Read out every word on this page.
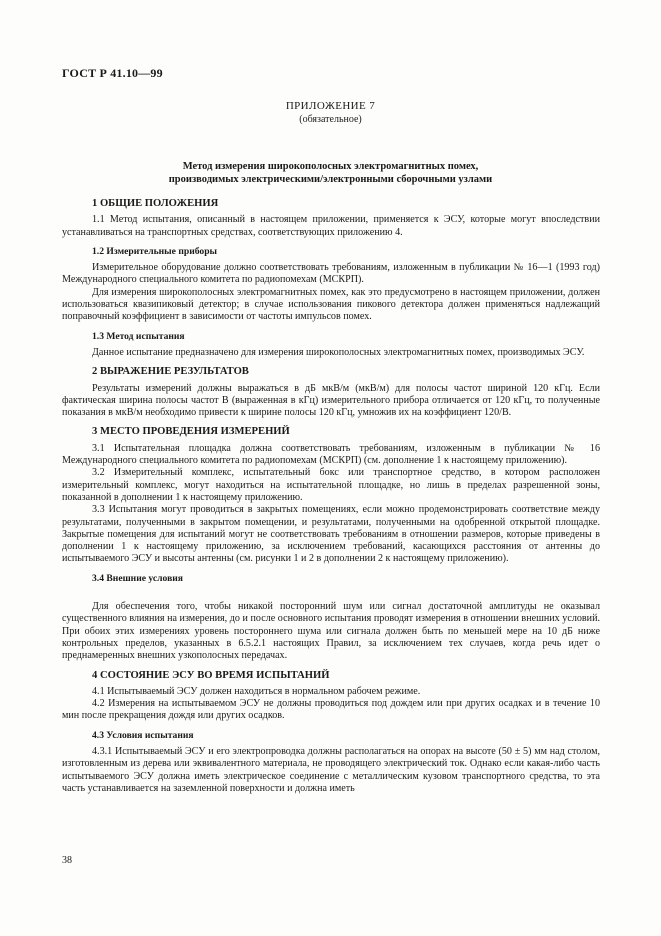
ГОСТ Р 41.10—99
ПРИЛОЖЕНИЕ 7
(обязательное)
Метод измерения широкополосных электромагнитных помех,
производимых электрическими/электронными сборочными узлами
1 ОБЩИЕ ПОЛОЖЕНИЯ

1.1 Метод испытания, описанный в настоящем приложении, применяется к ЭСУ, которые могут впоследствии устанавливаться на транспортных средствах, соответствующих приложению 4.

1.2 Измерительные приборы

Измерительное оборудование должно соответствовать требованиям, изложенным в публикации № 16—1 (1993 год) Международного специального комитета по радиопомехам (МСКРП).

Для измерения широкополосных электромагнитных помех, как это предусмотрено в настоящем приложении, должен использоваться квазипиковый детектор; в случае использования пикового детектора должен применяться надлежащий поправочный коэффициент в зависимости от частоты импульсов помех.

1.3 Метод испытания

Данное испытание предназначено для измерения широкополосных электромагнитных помех, производимых ЭСУ.

2 ВЫРАЖЕНИЕ РЕЗУЛЬТАТОВ

Результаты измерений должны выражаться в дБ мкВ/м (мкВ/м) для полосы частот шириной 120 кГц. Если фактическая ширина полосы частот B (выраженная в кГц) измерительного прибора отличается от 120 кГц, то полученные показания в мкВ/м необходимо привести к ширине полосы 120 кГц, умножив их на коэффициент 120/B.

3 МЕСТО ПРОВЕДЕНИЯ ИЗМЕРЕНИЙ

3.1 Испытательная площадка должна соответствовать требованиям, изложенным в публикации № 16 Международного специального комитета по радиопомехам (МСКРП) (см. дополнение 1 к настоящему приложению).

3.2 Измерительный комплекс, испытательный бокс или транспортное средство, в котором расположен измерительный комплекс, могут находиться на испытательной площадке, но лишь в пределах разрешенной зоны, показанной в дополнении 1 к настоящему приложению.

3.3 Испытания могут проводиться в закрытых помещениях, если можно продемонстрировать соответствие между результатами, полученными в закрытом помещении, и результатами, полученными на одобренной открытой площадке. Закрытые помещения для испытаний могут не соответствовать требованиям в отношении размеров, которые приведены в дополнении 1 к настоящему приложению, за исключением требований, касающихся расстояния от антенны до испытываемого ЭСУ и высоты антенны (см. рисунки 1 и 2 в дополнении 2 к настоящему приложению).

3.4 Внешние условия

Для обеспечения того, чтобы никакой посторонний шум или сигнал достаточной амплитуды не оказывал существенного влияния на измерения, до и после основного испытания проводят измерения в отношении внешних условий. При обоих этих измерениях уровень постороннего шума или сигнала должен быть по меньшей мере на 10 дБ ниже контрольных пределов, указанных в 6.5.2.1 настоящих Правил, за исключением тех случаев, когда речь идет о преднамеренных внешних узкополосных передачах.

4 СОСТОЯНИЕ ЭСУ ВО ВРЕМЯ ИСПЫТАНИЙ

4.1 Испытываемый ЭСУ должен находиться в нормальном рабочем режиме.

4.2 Измерения на испытываемом ЭСУ не должны проводиться под дождем или при других осадках и в течение 10 мин после прекращения дождя или других осадков.

4.3 Условия испытания

4.3.1 Испытываемый ЭСУ и его электропроводка должны располагаться на опорах на высоте (50 ± 5) мм над столом, изготовленным из дерева или эквивалентного материала, не проводящего электрический ток. Однако если какая-либо часть испытываемого ЭСУ должна иметь электрическое соединение с металлическим кузовом транспортного средства, то эта часть устанавливается на заземленной поверхности и должна иметь

38
